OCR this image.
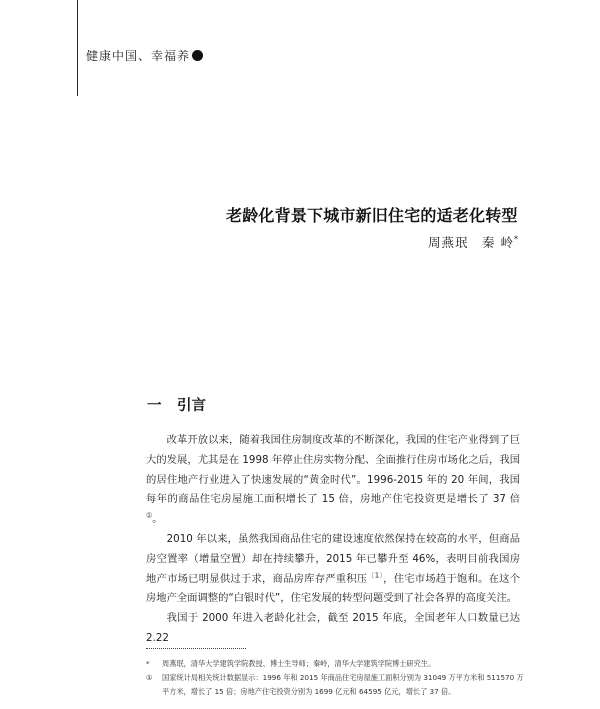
健康中国、幸福养
老龄化背景下城市新旧住宅的适老化转型
周燕珉　秦 岭*
一 引言

改革开放以来，随着我国住房制度改革的不断深化，我国的住宅产业得到了巨大的发展，尤其是在 1998 年停止住房实物分配、全面推行住房市场化之后，我国的居住地产行业进入了快速发展的“黄金时代”。1996-2015 年的 20 年间，我国每年的商品住宅房屋施工面积增长了 15 倍，房地产住宅投资更是增长了 37 倍①。

2010 年以来，虽然我国商品住宅的建设速度依然保持在较高的水平，但商品房空置率（增量空置）却在持续攀升，2015 年已攀升至 46%，表明目前我国房地产市场已明显供过于求，商品房库存严重积压$^{〔1〕}$，住宅市场趋于饱和。在这个房地产全面调整的“白银时代”，住宅发展的转型问题受到了社会各界的高度关注。

我国于 2000 年进入老龄化社会，截至 2015 年底，全国老年人口数量已达 2.22

* 周燕珉，清华大学建筑学院教授、博士生导师；秦岭，清华大学建筑学院博士研究生。
① 国家统计局相关统计数据显示：1996 年和 2015 年商品住宅房屋施工面积分别为 31049 万平方米和 511570 万平方米，增长了 15 倍；房地产住宅投资分别为 1699 亿元和 64595 亿元，增长了 37 倍。
